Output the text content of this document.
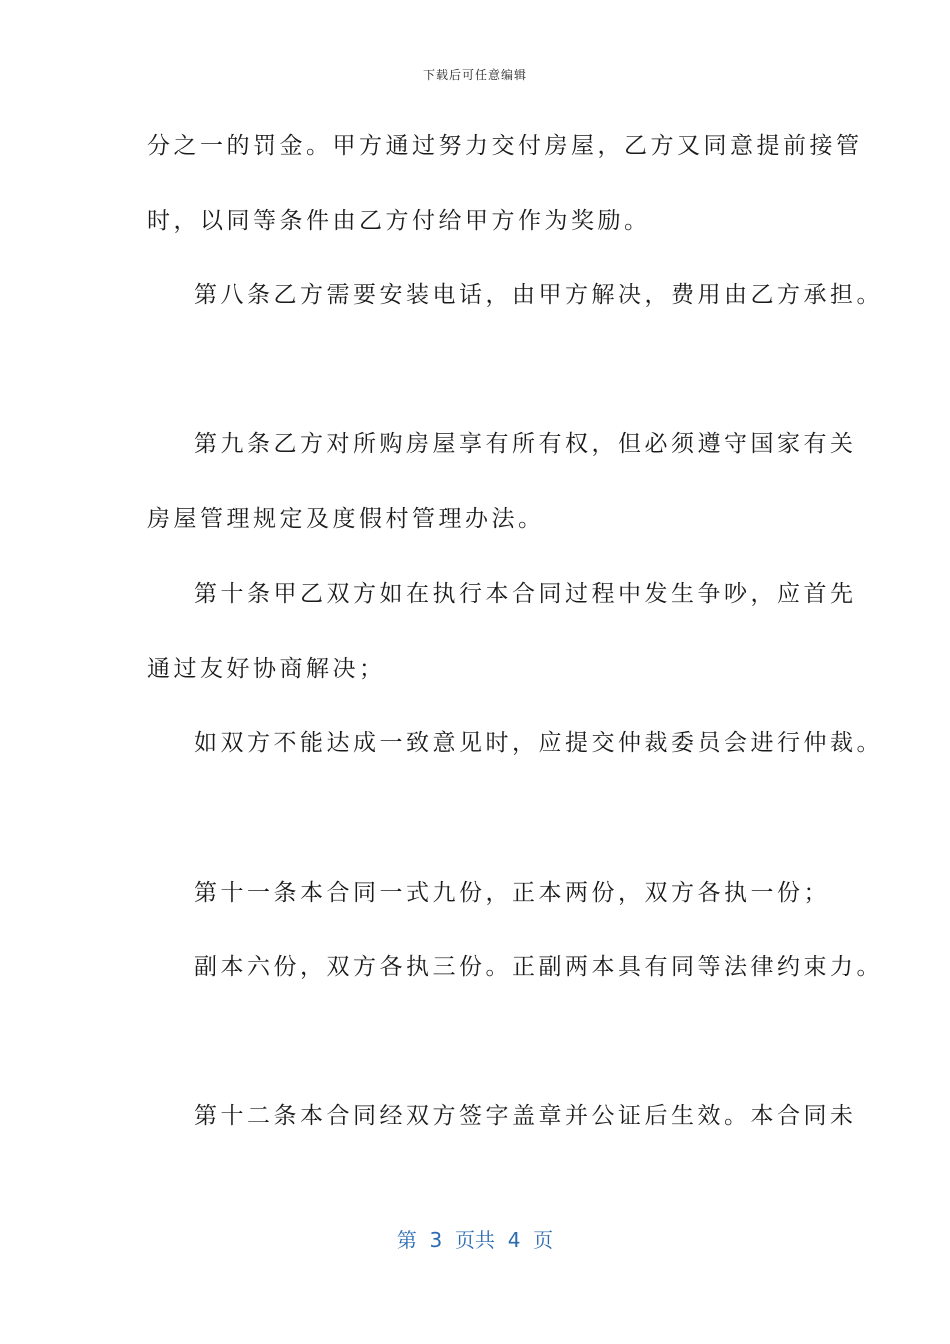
下载后可任意编辑
分之一的罚金。甲方通过努力交付房屋，乙方又同意提前接管
时，以同等条件由乙方付给甲方作为奖励。
第八条乙方需要安装电话，由甲方解决，费用由乙方承担。
第九条乙方对所购房屋享有所有权，但必须遵守国家有关
房屋管理规定及度假村管理办法。
第十条甲乙双方如在执行本合同过程中发生争吵，应首先
通过友好协商解决；
如双方不能达成一致意见时，应提交仲裁委员会进行仲裁。
第十一条本合同一式九份，正本两份，双方各执一份；
副本六份，双方各执三份。正副两本具有同等法律约束力。
第十二条本合同经双方签字盖章并公证后生效。本合同未
第  3  页共  4  页
